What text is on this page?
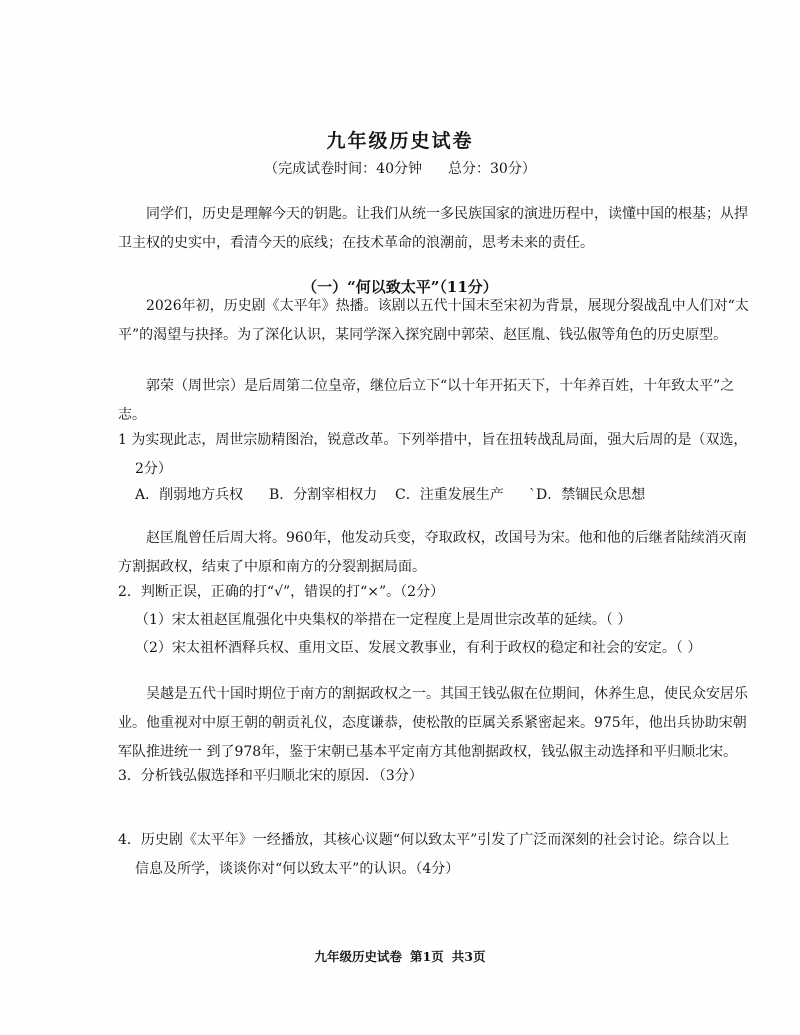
九年级历史试卷
（完成试卷时间：40分钟 总分：30分）
同学们，历史是理解今天的钥匙。让我们从统一多民族国家的演进历程中，读懂中国的根基；从捍
卫主权的史实中，看清今天的底线；在技术革命的浪潮前，思考未来的责任。
（一）“何以致太平”（11分）
2026年初，历史剧《太平年》热播。该剧以五代十国末至宋初为背景，展现分裂战乱中人们对“太
平”的渴望与抉择。为了深化认识，某同学深入探究剧中郭荣、赵匡胤、钱弘俶等角色的历史原型。
郭荣（周世宗）是后周第二位皇帝，继位后立下“以十年开拓天下，十年养百姓，十年致太平”之
志。
1 为实现此志，周世宗励精图治，锐意改革。下列举措中，旨在扭转战乱局面，强大后周的是（双选，
2分）
A．削弱地方兵权 B．分割宰相权力 C．注重发展生产 `D．禁锢民众思想
赵匡胤曾任后周大将。960年，他发动兵变，夺取政权，改国号为宋。他和他的后继者陆续消灭南
方割据政权，结束了中原和南方的分裂割据局面。
2．判断正误，正确的打“√”，错误的打“×”。（2分）
（1）宋太祖赵匡胤强化中央集权的举措在一定程度上是周世宗改革的延续。（ ）
（2）宋太祖杯酒释兵权、重用文臣、发展文教事业，有利于政权的稳定和社会的安定。（ ）
吴越是五代十国时期位于南方的割据政权之一。其国王钱弘俶在位期间，休养生息，使民众安居乐
业。他重视对中原王朝的朝贡礼仪，态度谦恭，使松散的臣属关系紧密起来。975年，他出兵协助宋朝
军队推进统一 到了978年，鉴于宋朝已基本平定南方其他割据政权，钱弘俶主动选择和平归顺北宋。
3．分析钱弘俶选择和平归顺北宋的原因．（3分）
4．历史剧《太平年》一经播放，其核心议题“何以致太平”引发了广泛而深刻的社会讨论。综合以上
信息及所学，谈谈你对“何以致太平”的认识。（4分）
九年级历史试卷 第1页 共3页
